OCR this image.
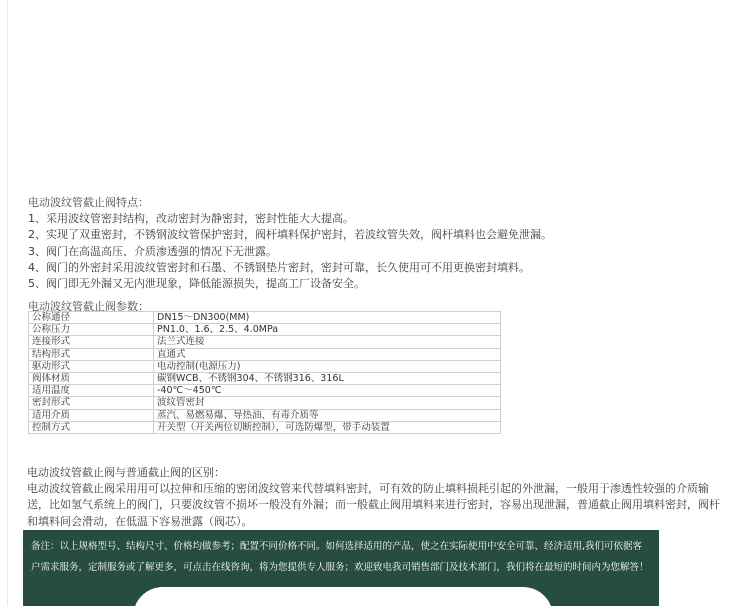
电动波纹管截止阀特点：

1、采用波纹管密封结构，改动密封为静密封，密封性能大大提高。

2、实现了双重密封，不锈钢波纹管保护密封，阀杆填料保护密封，若波纹管失效，阀杆填料也会避免泄漏。

3、阀门在高温高压、介质渗透强的情况下无泄露。

4、阀门的外密封采用波纹管密封和石墨、不锈钢垫片密封，密封可靠，长久使用可不用更换密封填料。

5、阀门即无外漏又无内泄现象，降低能源损失，提高工厂设备安全。

电动波纹管截止阀参数：
公称通径	DN15～DN300(MM)
公称压力	PN1.0、1.6、2.5、4.0MPa
连接形式	法兰式连接
结构形式	直通式
驱动形式	电动控制(电源压力)
阀体材质	碳钢WCB、不锈钢304、不锈钢316、316L
适用温度	-40℃～450℃
密封形式	波纹管密封
适用介质	蒸汽、易燃易爆、导热油、有毒介质等
控制方式	开关型（开关两位切断控制），可选防爆型，带手动装置

电动波纹管截止阀与普通截止阀的区别：

电动波纹管截止阀采用用可以拉伸和压缩的密闭波纹管来代替填料密封，可有效的防止填料损耗引起的外泄漏，一般用于渗透性较强的介质输

送，比如氢气系统上的阀门，只要波纹管不损坏一般没有外漏；而一般截止阀用填料来进行密封，容易出现泄漏，普通截止阀用填料密封，阀杆

和填料间会滑动，在低温下容易泄露（阀芯）。

备注：以上规格型号、结构尺寸、价格均做参考；配置不同价格不同。如何选择适用的产品，使之在实际使用中安全可靠、经济适用,我们可依据客

户需求服务，定制服务或了解更多，可点击在线咨询，将为您提供专人服务；欢迎致电我司销售部门及技术部门，我们将在最短的时间内为您解答！
